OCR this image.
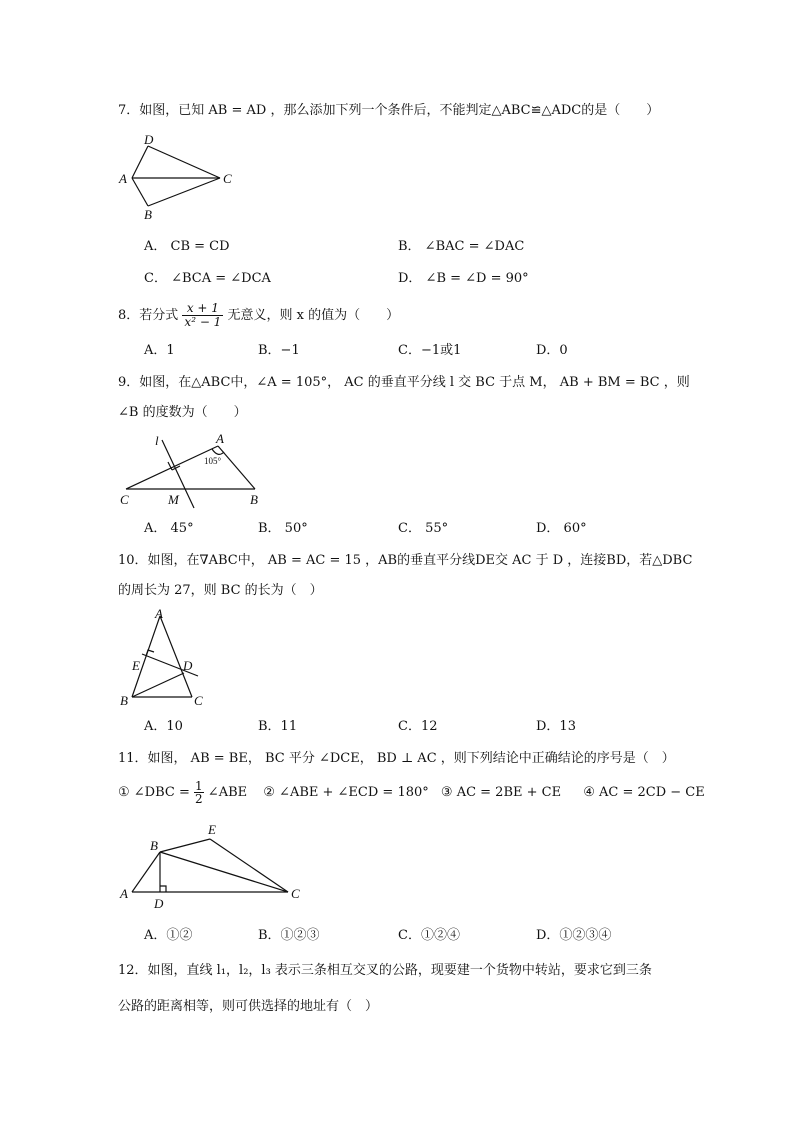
7．如图，已知 AB = AD ，那么添加下列一个条件后，不能判定△ABC≌△ADC的是（　　）
D
A	C
B
A． CB = CD	B． ∠BAC = ∠DAC
C． ∠BCA = ∠DCA	D． ∠B = ∠D = 90°
8．若分式 $\frac{x + 1}{\text{x² − 1}}$ 无意义，则 x 的值为（　　）
A．1	B．−1	C．−1或1	D．0
9．如图，在△ABC中，∠A = 105°， AC 的垂直平分线 l 交 BC 于点 M， AB + BM = BC ，则
∠B 的度数为（　　）
l	A
105°
C	M	B
A． 45°	B． 50°	C． 55°	D． 60°
10．如图，在∇ABC中， AB = AC = 15 ，AB的垂直平分线DE交 AC 于 D ，连接BD，若△DBC
的周长为 27，则 BC 的长为（　）
A
E	D
B	C
A．10	B．11	C．12	D．13
11．如图， AB = BE， BC 平分 ∠DCE， BD ⊥ AC ，则下列结论中正确结论的序号是（　）
① ∠DBC = $\frac{1}{2}$ ∠ABE ② ∠ABE + ∠ECD = 180° ③ AC = 2BE + CE ④ AC = 2CD − CE
E
B
A
D
C
A．①②	B．①②③	C．①②④	D．①②③④
12．如图，直线 l₁，l₂，l₃ 表示三条相互交叉的公路，现要建一个货物中转站，要求它到三条
公路的距离相等，则可供选择的地址有（　）
